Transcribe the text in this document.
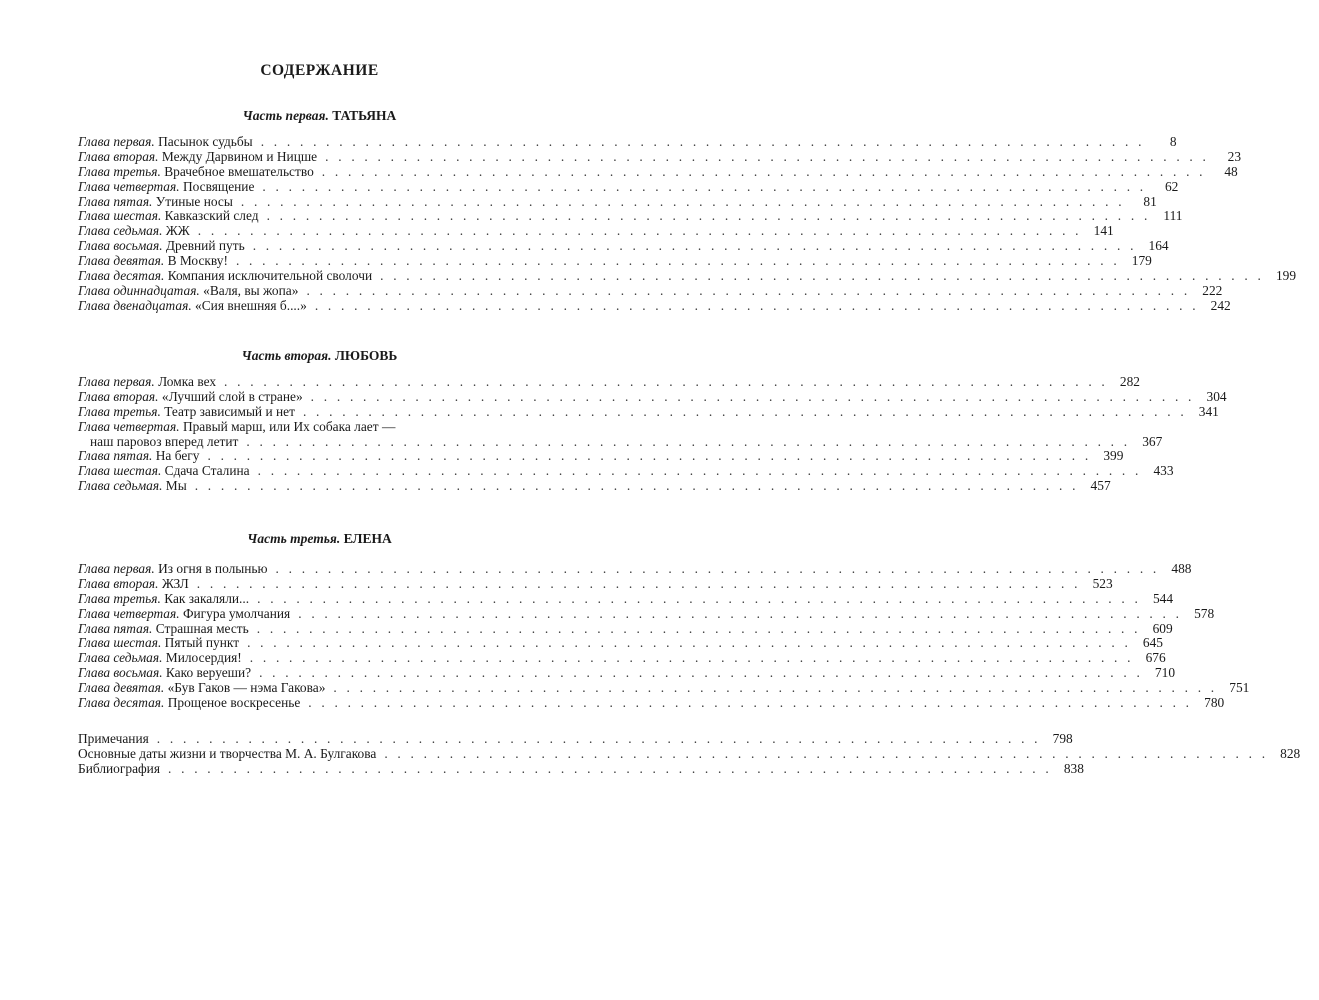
СОДЕРЖАНИЕ
Часть первая. ТАТЬЯНА
Глава первая. Пасынок судьбы . . .	8
Глава вторая. Между Дарвином и Ницше . . .	23
Глава третья. Врачебное вмешательство . . .	48
Глава четвертая. Посвящение . . .	62
Глава пятая. Утиные носы . . .	81
Глава шестая. Кавказский след . . .	111
Глава седьмая. ЖЖ . . .	141
Глава восьмая. Древний путь . . .	164
Глава девятая. В Москву! . . .	179
Глава десятая. Компания исключительной сволочи . . .	199
Глава одиннадцатая. «Валя, вы жопа» . . .	222
Глава двенадцатая. «Сия внешняя б....» . . .	242
Часть вторая. ЛЮБОВЬ
Глава первая. Ломка вех . . .	282
Глава вторая. «Лучший слой в стране» . . .	304
Глава третья. Театр зависимый и нет . . .	341
Глава четвертая. Правый марш, или Их собака лает —
наш паровоз вперед летит . . .	367
Глава пятая. На бегу . . .	399
Глава шестая. Сдача Сталина . . .	433
Глава седьмая. Мы . . .	457
Часть третья. ЕЛЕНА
Глава первая. Из огня в полынью . . .	488
Глава вторая. ЖЗЛ . . .	523
Глава третья. Как закаляли... . . .	544
Глава четвертая. Фигура умолчания . . .	578
Глава пятая. Страшная месть . . .	609
Глава шестая. Пятый пункт . . .	645
Глава седьмая. Милосердия! . . .	676
Глава восьмая. Како веруеши? . . .	710
Глава девятая. «Був Гаков — нэма Гакова» . . .	751
Глава десятая. Прощеное воскресенье . . .	780
Примечания . . .	798
Основные даты жизни и творчества М. А. Булгакова . . .	828
Библиография . . .	838
